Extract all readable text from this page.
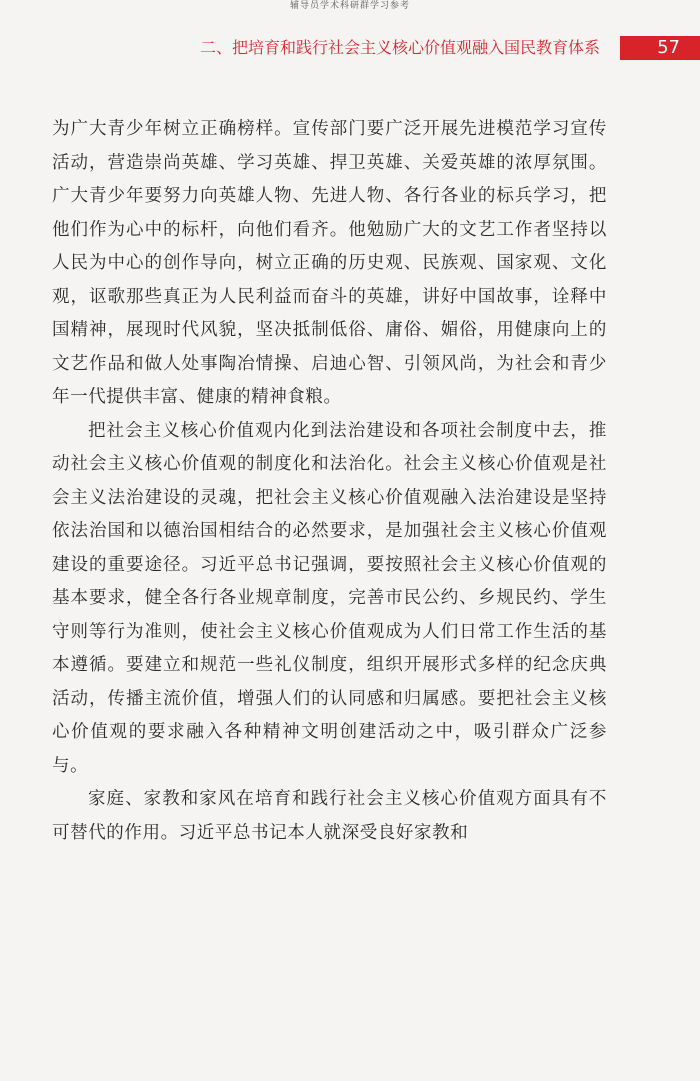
辅导员学术科研群学习参考
二、把培育和践行社会主义核心价值观融入国民教育体系	57

为广大青少年树立正确榜样。宣传部门要广泛开展先进模范学习宣传活动，营造崇尚英雄、学习英雄、捍卫英雄、关爱英雄的浓厚氛围。广大青少年要努力向英雄人物、先进人物、各行各业的标兵学习，把他们作为心中的标杆，向他们看齐。他勉励广大的文艺工作者坚持以人民为中心的创作导向，树立正确的历史观、民族观、国家观、文化观，讴歌那些真正为人民利益而奋斗的英雄，讲好中国故事，诠释中国精神，展现时代风貌，坚决抵制低俗、庸俗、媚俗，用健康向上的文艺作品和做人处事陶冶情操、启迪心智、引领风尚，为社会和青少年一代提供丰富、健康的精神食粮。

把社会主义核心价值观内化到法治建设和各项社会制度中去，推动社会主义核心价值观的制度化和法治化。社会主义核心价值观是社会主义法治建设的灵魂，把社会主义核心价值观融入法治建设是坚持依法治国和以德治国相结合的必然要求，是加强社会主义核心价值观建设的重要途径。习近平总书记强调，要按照社会主义核心价值观的基本要求，健全各行各业规章制度，完善市民公约、乡规民约、学生守则等行为准则，使社会主义核心价值观成为人们日常工作生活的基本遵循。要建立和规范一些礼仪制度，组织开展形式多样的纪念庆典活动，传播主流价值，增强人们的认同感和归属感。要把社会主义核心价值观的要求融入各种精神文明创建活动之中，吸引群众广泛参与。

家庭、家教和家风在培育和践行社会主义核心价值观方面具有不可替代的作用。习近平总书记本人就深受良好家教和
